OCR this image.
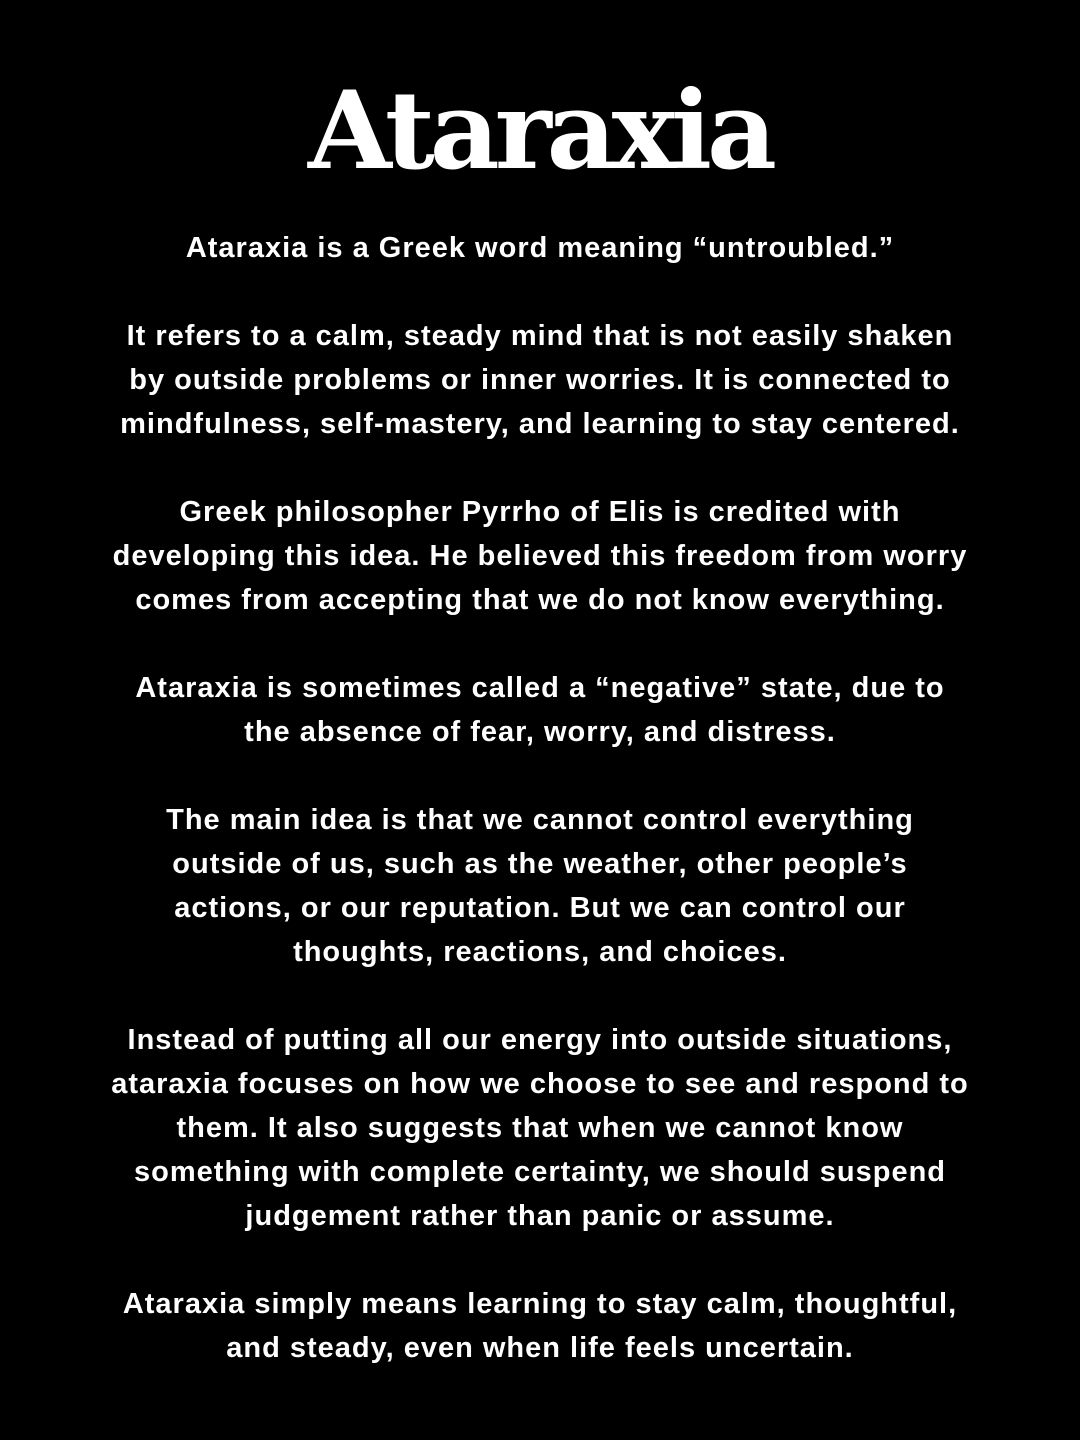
Ataraxia

Ataraxia is a Greek word meaning “untroubled.”

It refers to a calm, steady mind that is not easily shaken
by outside problems or inner worries. It is connected to
mindfulness, self-mastery, and learning to stay centered.

Greek philosopher Pyrrho of Elis is credited with
developing this idea. He believed this freedom from worry
comes from accepting that we do not know everything.

Ataraxia is sometimes called a “negative” state, due to
the absence of fear, worry, and distress.

The main idea is that we cannot control everything
outside of us, such as the weather, other people’s
actions, or our reputation. But we can control our
thoughts, reactions, and choices.

Instead of putting all our energy into outside situations,
ataraxia focuses on how we choose to see and respond to
them. It also suggests that when we cannot know
something with complete certainty, we should suspend
judgement rather than panic or assume.

Ataraxia simply means learning to stay calm, thoughtful,
and steady, even when life feels uncertain.
